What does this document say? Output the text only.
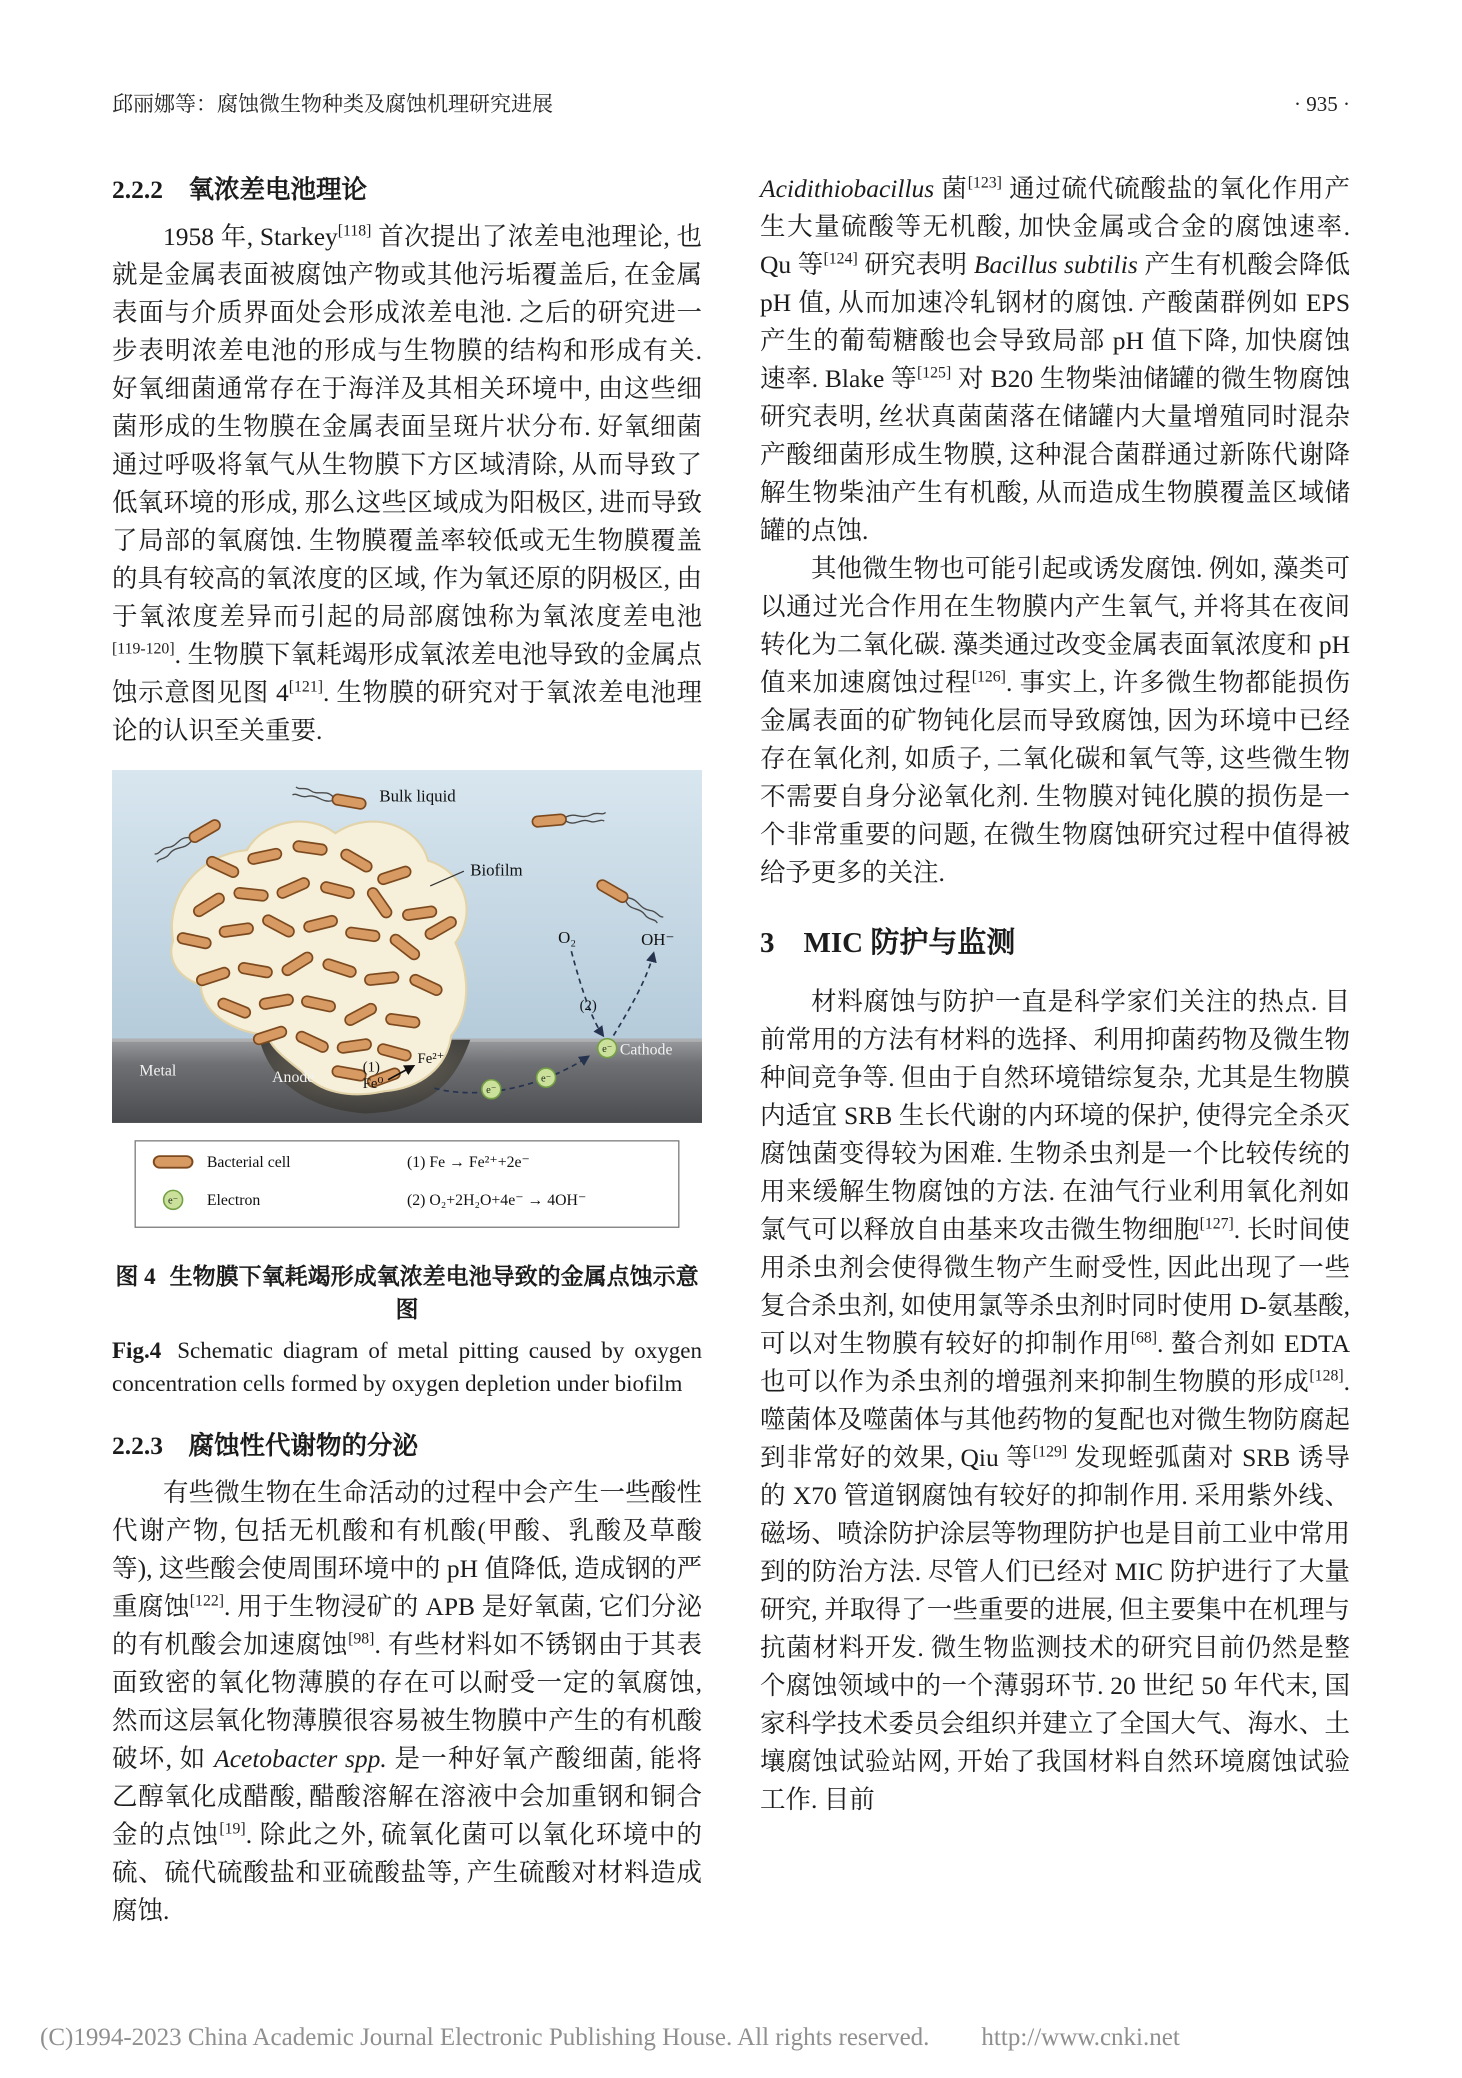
邱丽娜等：腐蚀微生物种类及腐蚀机理研究进展	· 935 ·
2.2.2　氧浓差电池理论

1958 年, Starkey[118] 首次提出了浓差电池理论, 也就是金属表面被腐蚀产物或其他污垢覆盖后, 在金属表面与介质界面处会形成浓差电池. 之后的研究进一步表明浓差电池的形成与生物膜的结构和形成有关. 好氧细菌通常存在于海洋及其相关环境中, 由这些细菌形成的生物膜在金属表面呈斑片状分布. 好氧细菌通过呼吸将氧气从生物膜下方区域清除, 从而导致了低氧环境的形成, 那么这些区域成为阳极区, 进而导致了局部的氧腐蚀. 生物膜覆盖率较低或无生物膜覆盖的具有较高的氧浓度的区域, 作为氧还原的阴极区, 由于氧浓度差异而引起的局部腐蚀称为氧浓度差电池[119-120]. 生物膜下氧耗竭形成氧浓差电池导致的金属点蚀示意图见图 4[121]. 生物膜的研究对于氧浓差电池理论的认识至关重要.

Bulk liquid
Biofilm
O₂	OH⁻
(2)
Metal	Anode
Cathode
(1)
Fe⁰
Fe²⁺
e⁻
e⁻
e⁻
Bacterial cell
e⁻ Electron
(1) Fe → Fe²⁺+2e⁻
(2) O₂+2H₂O+4e⁻ → 4OH⁻
图 4 生物膜下氧耗竭形成氧浓差电池导致的金属点蚀示意图
Fig.4 Schematic diagram of metal pitting caused by oxygen concentration cells formed by oxygen depletion under biofilm
2.2.3　腐蚀性代谢物的分泌

有些微生物在生命活动的过程中会产生一些酸性代谢产物, 包括无机酸和有机酸(甲酸、乳酸及草酸等), 这些酸会使周围环境中的 pH 值降低, 造成钢的严重腐蚀[122]. 用于生物浸矿的 APB 是好氧菌, 它们分泌的有机酸会加速腐蚀[98]. 有些材料如不锈钢由于其表面致密的氧化物薄膜的存在可以耐受一定的氧腐蚀, 然而这层氧化物薄膜很容易被生物膜中产生的有机酸破坏, 如 Acetobacter spp. 是一种好氧产酸细菌, 能将乙醇氧化成醋酸, 醋酸溶解在溶液中会加重钢和铜合金的点蚀[19]. 除此之外, 硫氧化菌可以氧化环境中的硫、硫代硫酸盐和亚硫酸盐等, 产生硫酸对材料造成腐蚀.

Acidithiobacillus 菌[123] 通过硫代硫酸盐的氧化作用产生大量硫酸等无机酸, 加快金属或合金的腐蚀速率. Qu 等[124] 研究表明 Bacillus subtilis 产生有机酸会降低 pH 值, 从而加速冷轧钢材的腐蚀. 产酸菌群例如 EPS 产生的葡萄糖酸也会导致局部 pH 值下降, 加快腐蚀速率. Blake 等[125] 对 B20 生物柴油储罐的微生物腐蚀研究表明, 丝状真菌菌落在储罐内大量增殖同时混杂产酸细菌形成生物膜, 这种混合菌群通过新陈代谢降解生物柴油产生有机酸, 从而造成生物膜覆盖区域储罐的点蚀.

其他微生物也可能引起或诱发腐蚀. 例如, 藻类可以通过光合作用在生物膜内产生氧气, 并将其在夜间转化为二氧化碳. 藻类通过改变金属表面氧浓度和 pH 值来加速腐蚀过程[126]. 事实上, 许多微生物都能损伤金属表面的矿物钝化层而导致腐蚀, 因为环境中已经存在氧化剂, 如质子, 二氧化碳和氧气等, 这些微生物不需要自身分泌氧化剂. 生物膜对钝化膜的损伤是一个非常重要的问题, 在微生物腐蚀研究过程中值得被给予更多的关注.

3　MIC 防护与监测

材料腐蚀与防护一直是科学家们关注的热点. 目前常用的方法有材料的选择、利用抑菌药物及微生物种间竞争等. 但由于自然环境错综复杂, 尤其是生物膜内适宜 SRB 生长代谢的内环境的保护, 使得完全杀灭腐蚀菌变得较为困难. 生物杀虫剂是一个比较传统的用来缓解生物腐蚀的方法. 在油气行业利用氧化剂如氯气可以释放自由基来攻击微生物细胞[127]. 长时间使用杀虫剂会使得微生物产生耐受性, 因此出现了一些复合杀虫剂, 如使用氯等杀虫剂时同时使用 D-氨基酸, 可以对生物膜有较好的抑制作用[68]. 螯合剂如 EDTA 也可以作为杀虫剂的增强剂来抑制生物膜的形成[128]. 噬菌体及噬菌体与其他药物的复配也对微生物防腐起到非常好的效果, Qiu 等[129] 发现蛭弧菌对 SRB 诱导的 X70 管道钢腐蚀有较好的抑制作用. 采用紫外线、磁场、喷涂防护涂层等物理防护也是目前工业中常用到的防治方法. 尽管人们已经对 MIC 防护进行了大量研究, 并取得了一些重要的进展, 但主要集中在机理与抗菌材料开发. 微生物监测技术的研究目前仍然是整个腐蚀领域中的一个薄弱环节. 20 世纪 50 年代末, 国家科学技术委员会组织并建立了全国大气、海水、土壤腐蚀试验站网, 开始了我国材料自然环境腐蚀试验工作. 目前

(C)1994-2023 China Academic Journal Electronic Publishing House. All rights reserved. http://www.cnki.net
